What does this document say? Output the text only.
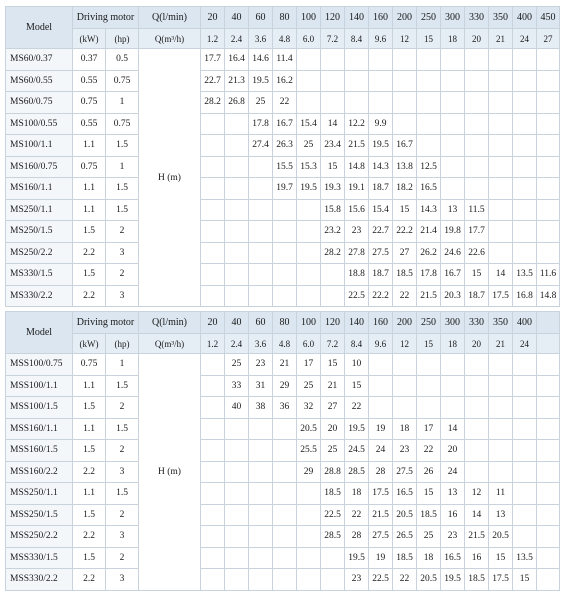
Model	Driving motor		Q(l/min)	20	40	60	80	100	120	140	160	200	250	300	330	350	400	450
	(kW)	(hp)	Q(m³/h)	1.2	2.4	3.6	4.8	6.0	7.2	8.4	9.6	12	15	18	20	21	24	27
MS60/0.37	0.37	0.5	H (m)	17.7	16.4	14.6	11.4											
MS60/0.55	0.55	0.75		22.7	21.3	19.5	16.2											
MS60/0.75	0.75	1		28.2	26.8	25	22											
MS100/0.55	0.55	0.75				17.8	16.7	15.4	14	12.2	9.9							
MS100/1.1	1.1	1.5				27.4	26.3	25	23.4	21.5	19.5	16.7						
MS160/0.75	0.75	1					15.5	15.3	15	14.8	14.3	13.8	12.5					
MS160/1.1	1.1	1.5					19.7	19.5	19.3	19.1	18.7	18.2	16.5					
MS250/1.1	1.1	1.5							15.8	15.6	15.4	15	14.3	13	11.5			
MS250/1.5	1.5	2							23.2	23	22.7	22.2	21.4	19.8	17.7			
MS250/2.2	2.2	3							28.2	27.8	27.5	27	26.2	24.6	22.6			
MS330/1.5	1.5	2								18.8	18.7	18.5	17.8	16.7	15	14	13.5	11.6
MS330/2.2	2.2	3								22.5	22.2	22	21.5	20.3	18.7	17.5	16.8	14.8
Model	Driving motor		Q(l/min)	20	40	60	80	100	120	140	160	200	250	300	330	350	400	
	(kW)	(hp)	Q(m³/h)	1.2	2.4	3.6	4.8	6.0	7.2	8.4	9.6	12	15	18	20	21	24	
MSS100/0.75	0.75	1	H (m)		25	23	21	17	15	10								
MSS100/1.1	1.1	1.5			33	31	29	25	21	15								
MSS100/1.5	1.5	2			40	38	36	32	27	22								
MSS160/1.1	1.1	1.5						20.5	20	19.5	19	18	17	14				
MSS160/1.5	1.5	2						25.5	25	24.5	24	23	22	20				
MSS160/2.2	2.2	3						29	28.8	28.5	28	27.5	26	24				
MSS250/1.1	1.1	1.5							18.5	18	17.5	16.5	15	13	12	11		
MSS250/1.5	1.5	2							22.5	22	21.5	20.5	18.5	16	14	13		
MSS250/2.2	2.2	3							28.5	28	27.5	26.5	25	23	21.5	20.5		
MSS330/1.5	1.5	2								19.5	19	18.5	18	16.5	16	15	13.5	
MSS330/2.2	2.2	3								23	22.5	22	20.5	19.5	18.5	17.5	15	
